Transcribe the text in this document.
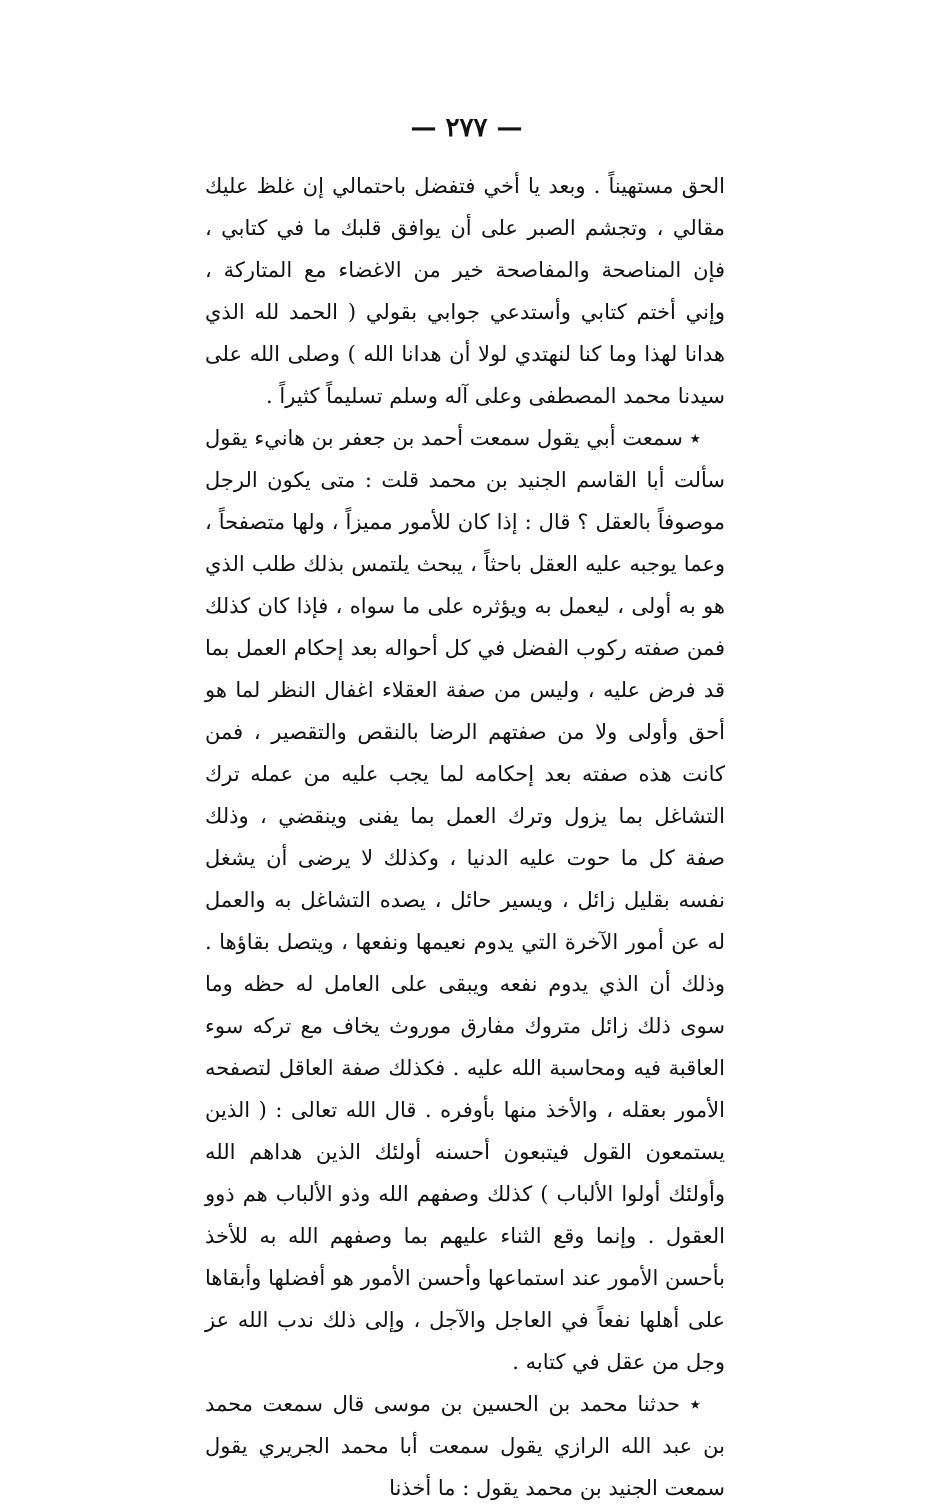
— ٢٧٧ —

الحق مستهيناً . وبعد يا أخي فتفضل باحتمالي إن غلظ عليك مقالي ، وتجشم الصبر على أن يوافق قلبك ما في كتابي ، فإن المناصحة والمفاصحة خير من الاغضاء مع المتاركة ، وإني أختم كتابي وأستدعي جوابي بقولي ( الحمد لله الذي هدانا لهذا وما كنا لنهتدي لولا أن هدانا الله ) وصلى الله على سيدنا محمد المصطفى وعلى آله وسلم تسليماً كثيراً .

٭ سمعت أبي يقول سمعت أحمد بن جعفر بن هانيء يقول سألت أبا القاسم الجنيد بن محمد قلت : متى يكون الرجل موصوفاً بالعقل ؟ قال : إذا كان للأمور مميزاً ، ولها متصفحاً ، وعما يوجبه عليه العقل باحثاً ، يبحث يلتمس بذلك طلب الذي هو به أولى ، ليعمل به ويؤثره على ما سواه ، فإذا كان كذلك فمن صفته ركوب الفضل في كل أحواله بعد إحكام العمل بما قد فرض عليه ، وليس من صفة العقلاء اغفال النظر لما هو أحق وأولى ولا من صفتهم الرضا بالنقص والتقصير ، فمن كانت هذه صفته بعد إحكامه لما يجب عليه من عمله ترك التشاغل بما يزول وترك العمل بما يفنى وينقضي ، وذلك صفة كل ما حوت عليه الدنيا ، وكذلك لا يرضى أن يشغل نفسه بقليل زائل ، ويسير حائل ، يصده التشاغل به والعمل له عن أمور الآخرة التي يدوم نعيمها ونفعها ، ويتصل بقاؤها . وذلك أن الذي يدوم نفعه ويبقى على العامل له حظه وما سوى ذلك زائل متروك مفارق موروث يخاف مع تركه سوء العاقبة فيه ومحاسبة الله عليه . فكذلك صفة العاقل لتصفحه الأمور بعقله ، والأخذ منها بأوفره . قال الله تعالى : ( الذين يستمعون القول فيتبعون أحسنه أولئك الذين هداهم الله وأولئك أولوا الألباب ) كذلك وصفهم الله وذو الألباب هم ذوو العقول . وإنما وقع الثناء عليهم بما وصفهم الله به للأخذ بأحسن الأمور عند استماعها وأحسن الأمور هو أفضلها وأبقاها على أهلها نفعاً في العاجل والآجل ، وإلى ذلك ندب الله عز وجل من عقل في كتابه .

٭ حدثنا محمد بن الحسين بن موسى قال سمعت محمد بن عبد الله الرازي يقول سمعت أبا محمد الجريري يقول سمعت الجنيد بن محمد يقول : ما أخذنا
